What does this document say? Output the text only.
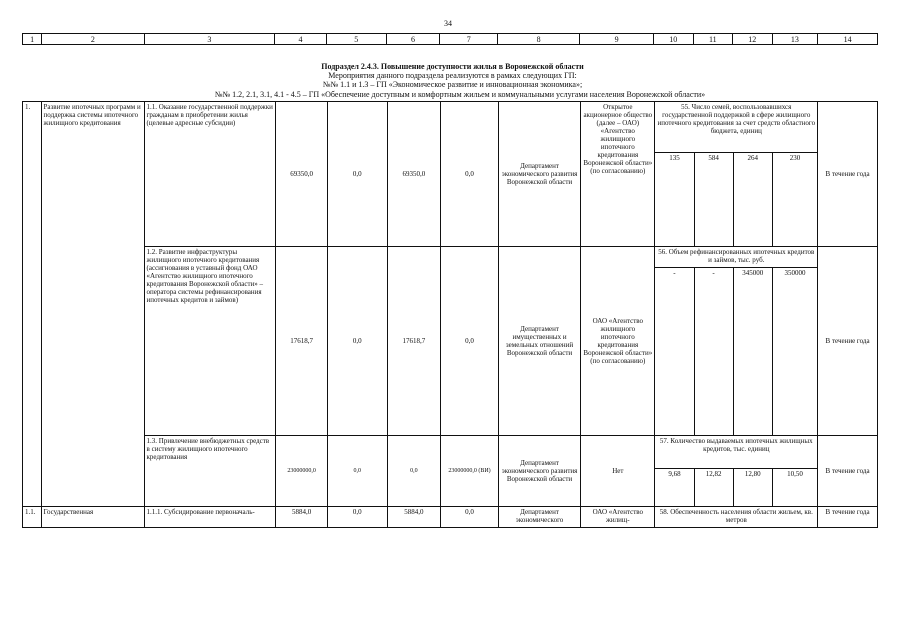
34
1	2	3	4	5	6	7	8	9	10	11	12	13	14
Подраздел 2.4.3. Повышение доступности жилья в Воронежской области
Мероприятия данного подраздела реализуются в рамках следующих ГП:
№№ 1.1 и 1.3 – ГП «Экономическое развитие и инновационная экономика»;
№№ 1.2, 2.1, 3.1, 4.1 - 4.5 – ГП «Обеспечение доступным и комфортным жильем и коммунальными услугами населения Воронежской области»
1.	Развитие ипотечных программ и поддержка системы ипотечного жилищного кредитования	1.1. Оказание государственной поддержки гражданам в приобретении жилья (целевые адресные субсидии)	69350,0	0,0	69350,0	0,0	Департамент экономического развития Воронежской области	Открытое акционерное общество (далее – ОАО) «Агентство жилищного ипотечного кредитования Воронежской области» (по согласованию)	55. Число семей, воспользовавшихся государственной поддержкой в сфере жилищного ипотечного кредитования за счет средств областного бюджета, единиц				В течение года
									135	584	264	230	
		1.2. Развитие инфраструктуры жилищного ипотечного кредитования (ассигнования в уставный фонд ОАО «Агентство жилищного ипотечного кредитования Воронежской области» – оператора системы рефинансирования ипотечных кредитов и займов)	17618,7	0,0	17618,7	0,0	Департамент имущественных и земельных отношений Воронежской области	ОАО «Агентство жилищного ипотечного кредитования Воронежской области» (по согласованию)	56. Объем рефинансированных ипотечных кредитов и займов, тыс. руб.				В течение года
									-	-	345000	350000	
		1.3. Привлечение внебюджетных средств в систему жилищного ипотечного кредитования	23000000,0	0,0	0,0	23000000,0 (ВИ)	Департамент экономического развития Воронежской области	Нет	57. Количество выдаваемых ипотечных жилищных кредитов, тыс. единиц				В течение года
									9,68	12,82	12,80	10,50	
1.1.	Государственная	1.1.1. Субсидирование первоначаль-	5884,0	0,0	5884,0	0,0	Департамент экономического	ОАО «Агентство жилищ-	58. Обеспеченность населения области жильем, кв. метров				В течение года
